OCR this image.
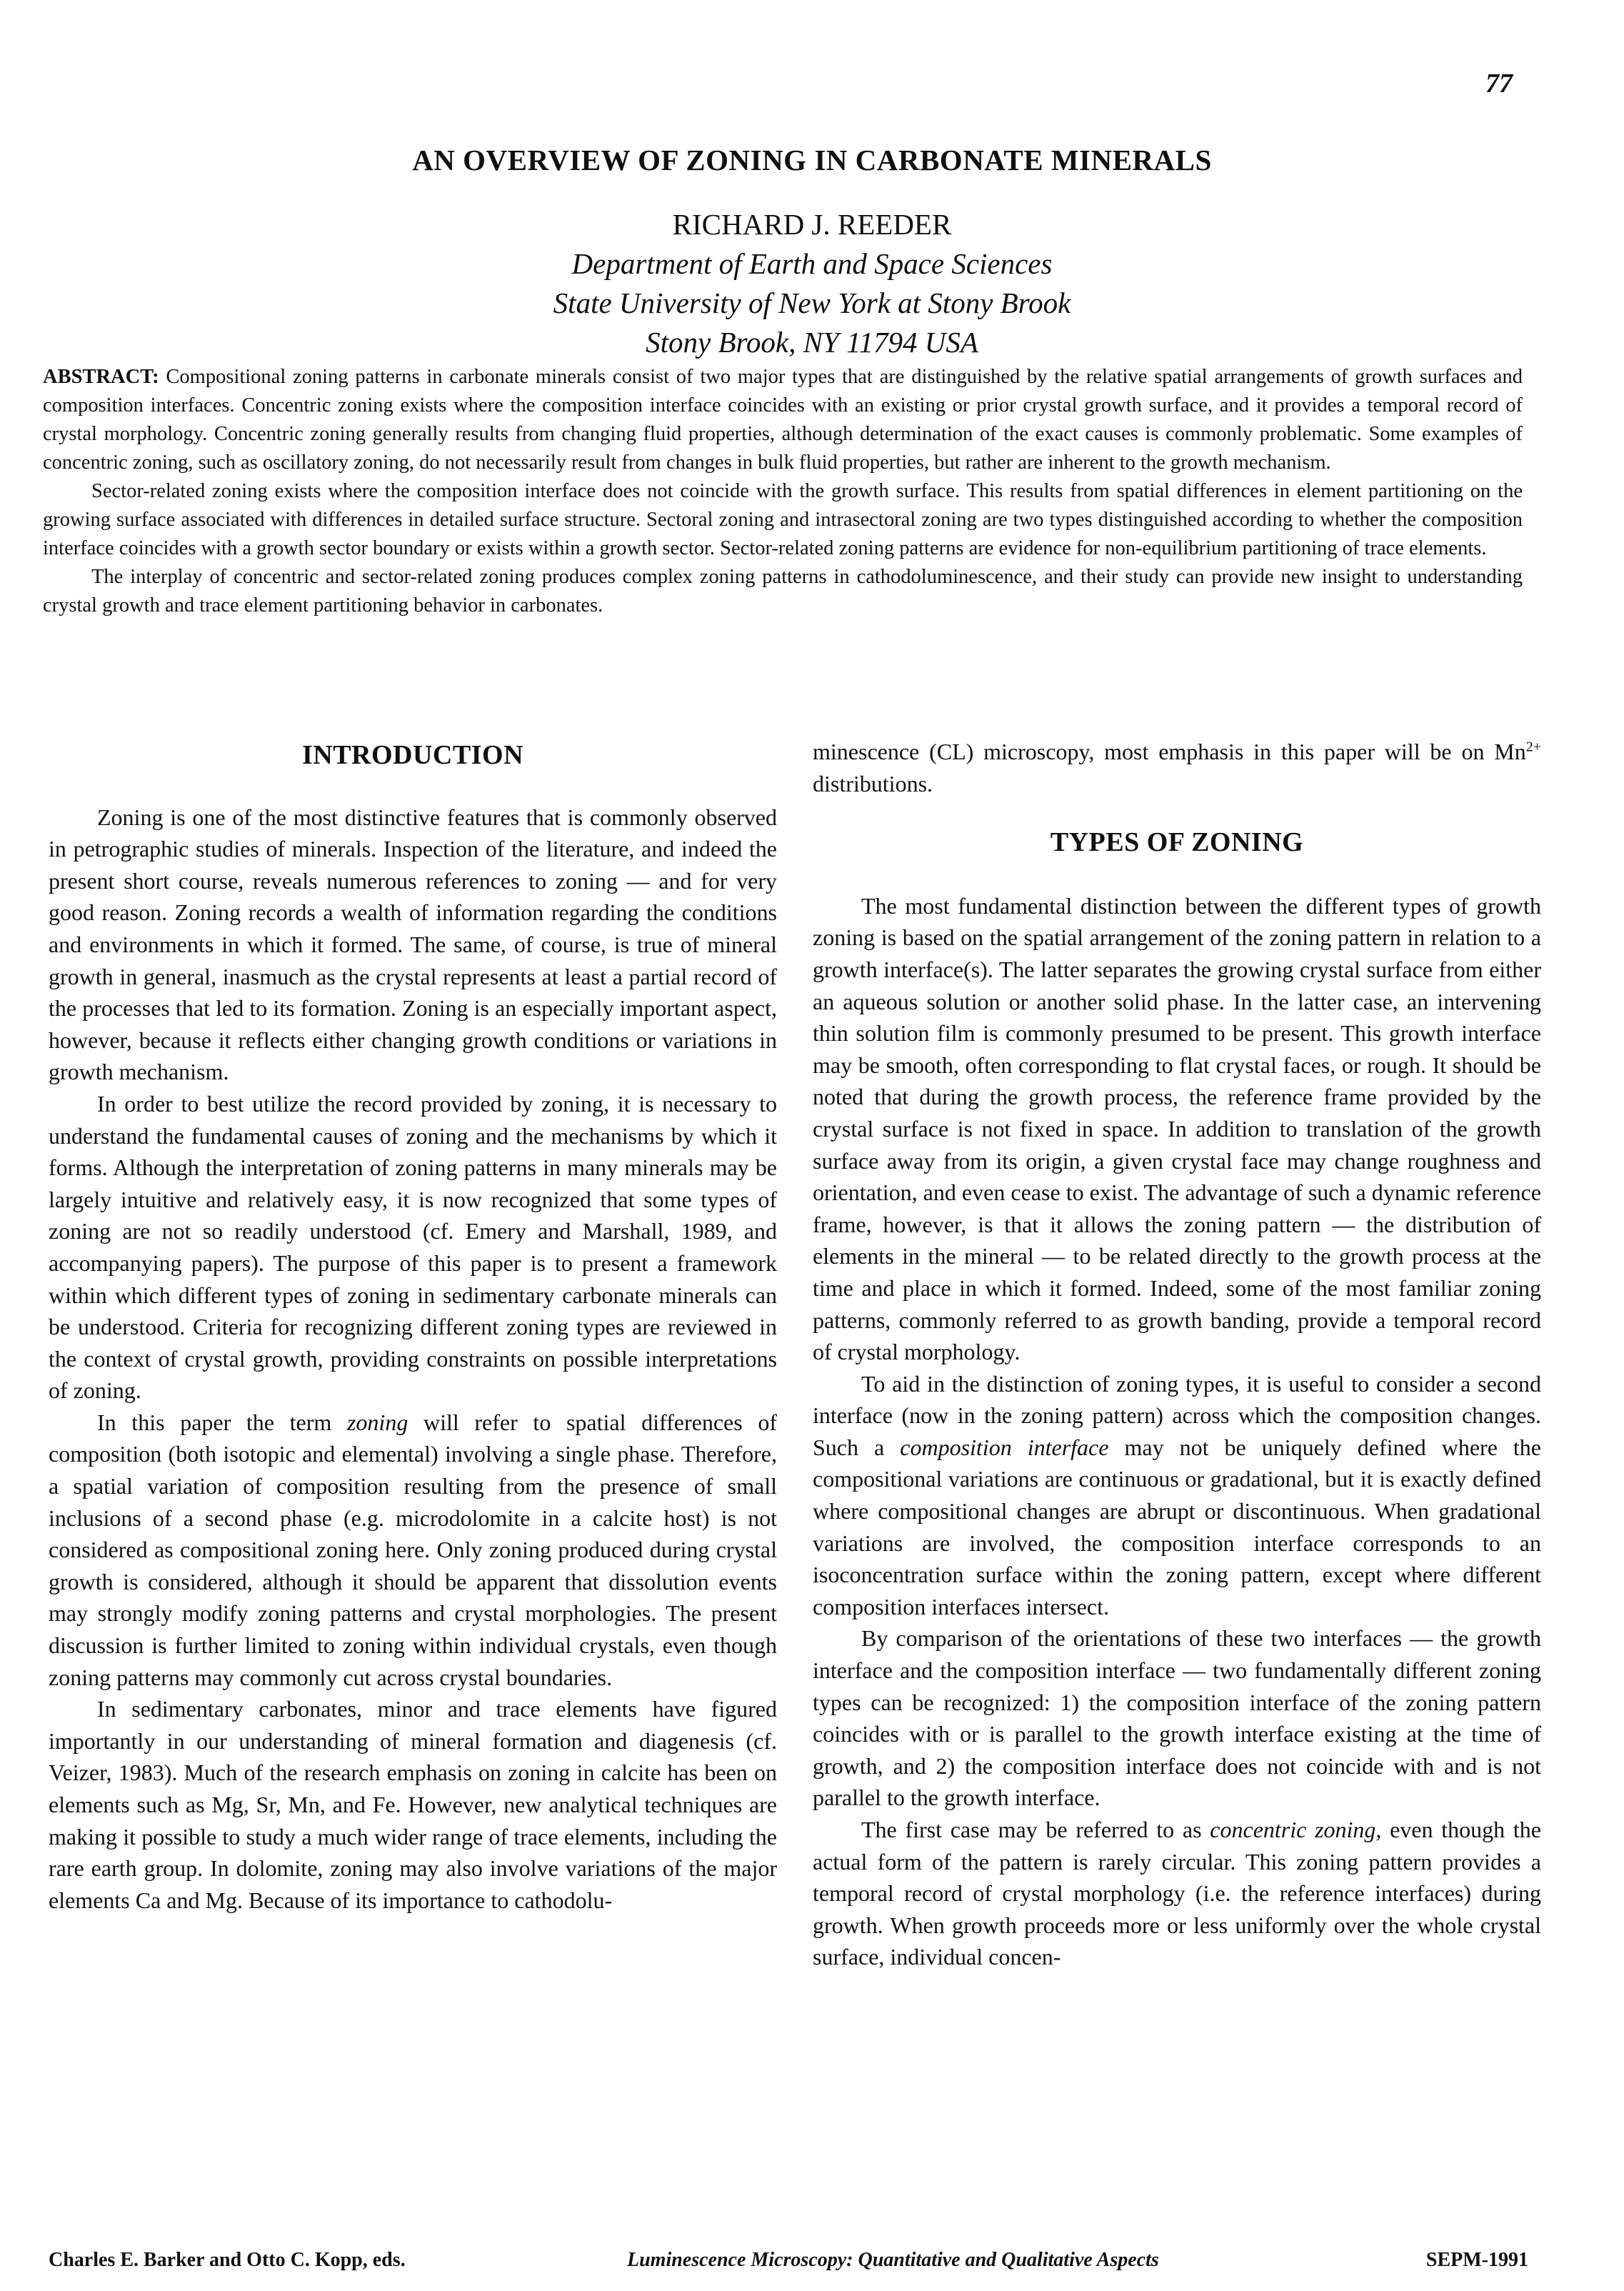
77
AN OVERVIEW OF ZONING IN CARBONATE MINERALS
RICHARD J. REEDER
Department of Earth and Space Sciences
State University of New York at Stony Brook
Stony Brook, NY 11794 USA

ABSTRACT: Compositional zoning patterns in carbonate minerals consist of two major types that are distinguished by the relative spatial arrangements of growth surfaces and composition interfaces. Concentric zoning exists where the composition interface coincides with an existing or prior crystal growth surface, and it provides a temporal record of crystal morphology. Concentric zoning generally results from changing fluid properties, although determination of the exact causes is commonly problematic. Some examples of concentric zoning, such as oscillatory zoning, do not necessarily result from changes in bulk fluid properties, but rather are inherent to the growth mechanism.

Sector-related zoning exists where the composition interface does not coincide with the growth surface. This results from spatial differences in element partitioning on the growing surface associated with differences in detailed surface structure. Sectoral zoning and intrasectoral zoning are two types distinguished according to whether the composition interface coincides with a growth sector boundary or exists within a growth sector. Sector-related zoning patterns are evidence for non-equilibrium partitioning of trace elements.

The interplay of concentric and sector-related zoning produces complex zoning patterns in cathodoluminescence, and their study can provide new insight to understanding crystal growth and trace element partitioning behavior in carbonates.

INTRODUCTION

Zoning is one of the most distinctive features that is commonly observed in petrographic studies of minerals. Inspection of the literature, and indeed the present short course, reveals numerous references to zoning — and for very good reason. Zoning records a wealth of information regarding the conditions and environments in which it formed. The same, of course, is true of mineral growth in general, inasmuch as the crystal represents at least a partial record of the processes that led to its formation. Zoning is an especially important aspect, however, because it reflects either changing growth conditions or variations in growth mechanism.

In order to best utilize the record provided by zoning, it is necessary to understand the fundamental causes of zoning and the mechanisms by which it forms. Although the interpretation of zoning patterns in many minerals may be largely intuitive and relatively easy, it is now recognized that some types of zoning are not so readily understood (cf. Emery and Marshall, 1989, and accompanying papers). The purpose of this paper is to present a framework within which different types of zoning in sedimentary carbonate minerals can be understood. Criteria for recognizing different zoning types are reviewed in the context of crystal growth, providing constraints on possible interpretations of zoning.

In this paper the term zoning will refer to spatial differences of composition (both isotopic and elemental) involving a single phase. Therefore, a spatial variation of composition resulting from the presence of small inclusions of a second phase (e.g. microdolomite in a calcite host) is not considered as compositional zoning here. Only zoning produced during crystal growth is considered, although it should be apparent that dissolution events may strongly modify zoning patterns and crystal morphologies. The present discussion is further limited to zoning within individual crystals, even though zoning patterns may commonly cut across crystal boundaries.

In sedimentary carbonates, minor and trace elements have figured importantly in our understanding of mineral formation and diagenesis (cf. Veizer, 1983). Much of the research emphasis on zoning in calcite has been on elements such as Mg, Sr, Mn, and Fe. However, new analytical techniques are making it possible to study a much wider range of trace elements, including the rare earth group. In dolomite, zoning may also involve variations of the major elements Ca and Mg. Because of its importance to cathodolu-

minescence (CL) microscopy, most emphasis in this paper will be on $Mn^{2+}$ distributions.

TYPES OF ZONING

The most fundamental distinction between the different types of growth zoning is based on the spatial arrangement of the zoning pattern in relation to a growth interface(s). The latter separates the growing crystal surface from either an aqueous solution or another solid phase. In the latter case, an intervening thin solution film is commonly presumed to be present. This growth interface may be smooth, often corresponding to flat crystal faces, or rough. It should be noted that during the growth process, the reference frame provided by the crystal surface is not fixed in space. In addition to translation of the growth surface away from its origin, a given crystal face may change roughness and orientation, and even cease to exist. The advantage of such a dynamic reference frame, however, is that it allows the zoning pattern — the distribution of elements in the mineral — to be related directly to the growth process at the time and place in which it formed. Indeed, some of the most familiar zoning patterns, commonly referred to as growth banding, provide a temporal record of crystal morphology.

To aid in the distinction of zoning types, it is useful to consider a second interface (now in the zoning pattern) across which the composition changes. Such a composition interface may not be uniquely defined where the compositional variations are continuous or gradational, but it is exactly defined where compositional changes are abrupt or discontinuous. When gradational variations are involved, the composition interface corresponds to an isoconcentration surface within the zoning pattern, except where different composition interfaces intersect.

By comparison of the orientations of these two interfaces — the growth interface and the composition interface — two fundamentally different zoning types can be recognized: 1) the composition interface of the zoning pattern coincides with or is parallel to the growth interface existing at the time of growth, and 2) the composition interface does not coincide with and is not parallel to the growth interface.

The first case may be referred to as concentric zoning, even though the actual form of the pattern is rarely circular. This zoning pattern provides a temporal record of crystal morphology (i.e. the reference interfaces) during growth. When growth proceeds more or less uniformly over the whole crystal surface, individual concen-

Charles E. Barker and Otto C. Kopp, eds.	Luminescence Microscopy: Quantitative and Qualitative Aspects	SEPM-1991
